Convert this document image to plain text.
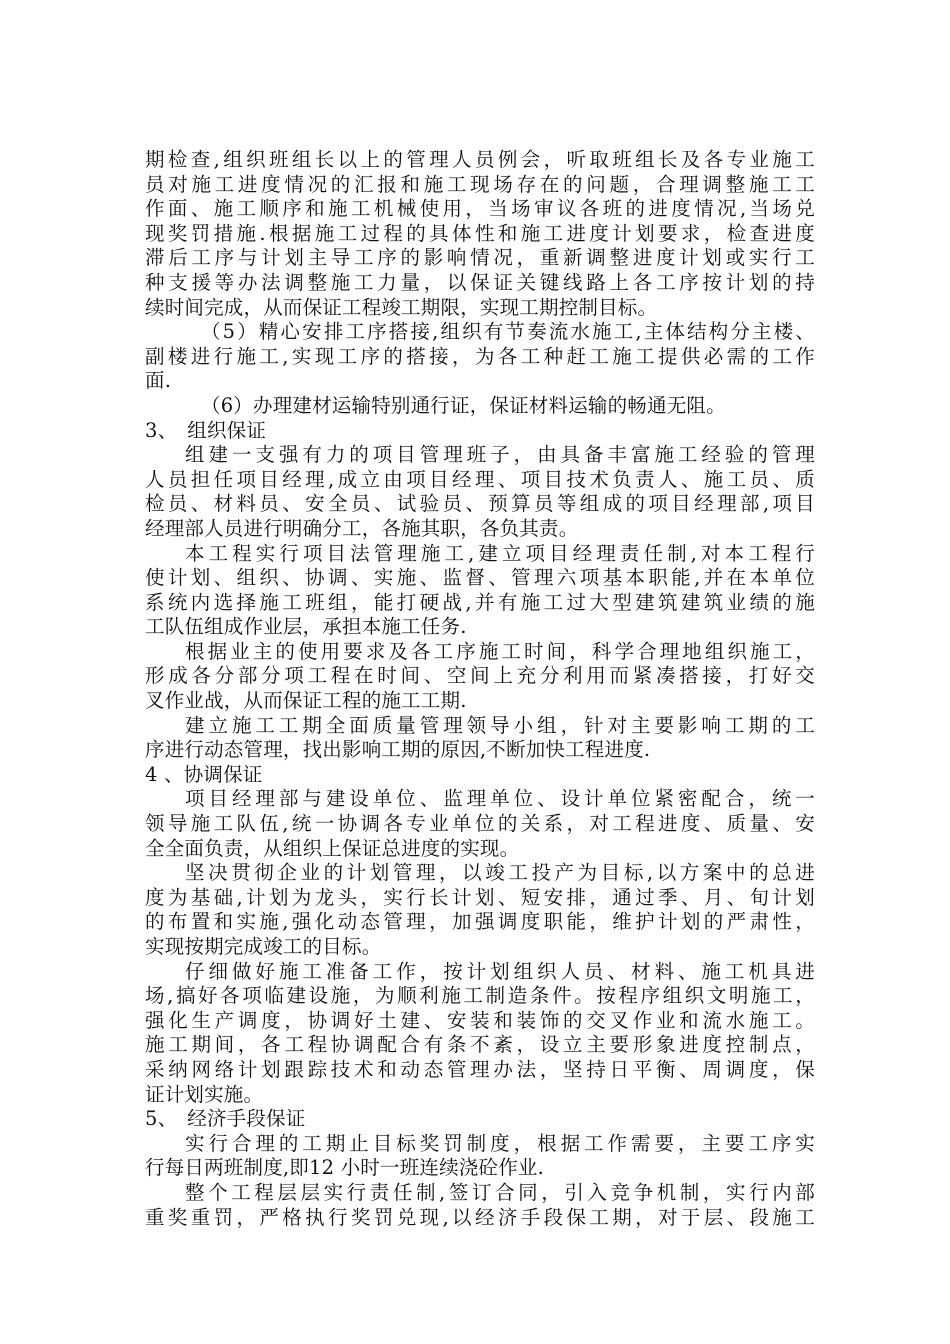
期检查,组织班组长以上的管理人员例会，听取班组长及各专业施工
员对施工进度情况的汇报和施工现场存在的问题，合理调整施工工
作面、施工顺序和施工机械使用，当场审议各班的进度情况,当场兑
现奖罚措施.根据施工过程的具体性和施工进度计划要求，检查进度
滞后工序与计划主导工序的影响情况，重新调整进度计划或实行工
种支援等办法调整施工力量，以保证关键线路上各工序按计划的持
续时间完成，从而保证工程竣工期限，实现工期控制目标。
（5）精心安排工序搭接,组织有节奏流水施工,主体结构分主楼、
副楼进行施工,实现工序的搭接，为各工种赶工施工提供必需的工作
面.
（6）办理建材运输特别通行证，保证材料运输的畅通无阻。
3、　组织保证
组建一支强有力的项目管理班子，由具备丰富施工经验的管理
人员担任项目经理,成立由项目经理、项目技术负责人、施工员、质
检员、材料员、安全员、试验员、预算员等组成的项目经理部,项目
经理部人员进行明确分工，各施其职，各负其责。
本工程实行项目法管理施工,建立项目经理责任制,对本工程行
使计划、组织、协调、实施、监督、管理六项基本职能,并在本单位
系统内选择施工班组，能打硬战,并有施工过大型建筑建筑业绩的施
工队伍组成作业层，承担本施工任务.
根据业主的使用要求及各工序施工时间，科学合理地组织施工，
形成各分部分项工程在时间、空间上充分利用而紧凑搭接，打好交
叉作业战，从而保证工程的施工工期.
建立施工工期全面质量管理领导小组，针对主要影响工期的工
序进行动态管理，找出影响工期的原因,不断加快工程进度.
4 、协调保证
项目经理部与建设单位、监理单位、设计单位紧密配合，统一
领导施工队伍,统一协调各专业单位的关系，对工程进度、质量、安
全全面负责，从组织上保证总进度的实现。
坚决贯彻企业的计划管理，以竣工投产为目标,以方案中的总进
度为基础,计划为龙头，实行长计划、短安排，通过季、月、旬计划
的布置和实施,强化动态管理，加强调度职能，维护计划的严肃性，
实现按期完成竣工的目标。
仔细做好施工准备工作，按计划组织人员、材料、施工机具进
场,搞好各项临建设施，为顺利施工制造条件。按程序组织文明施工，
强化生产调度，协调好土建、安装和装饰的交叉作业和流水施工。
施工期间，各工程协调配合有条不紊，设立主要形象进度控制点，
采纳网络计划跟踪技术和动态管理办法，坚持日平衡、周调度，保
证计划实施。
5、　经济手段保证
实行合理的工期止目标奖罚制度，根据工作需要，主要工序实
行每日两班制度,即12 小时一班连续浇砼作业.
整个工程层层实行责任制,签订合同，引入竞争机制，实行内部
重奖重罚，严格执行奖罚兑现,以经济手段保工期，对于层、段施工
